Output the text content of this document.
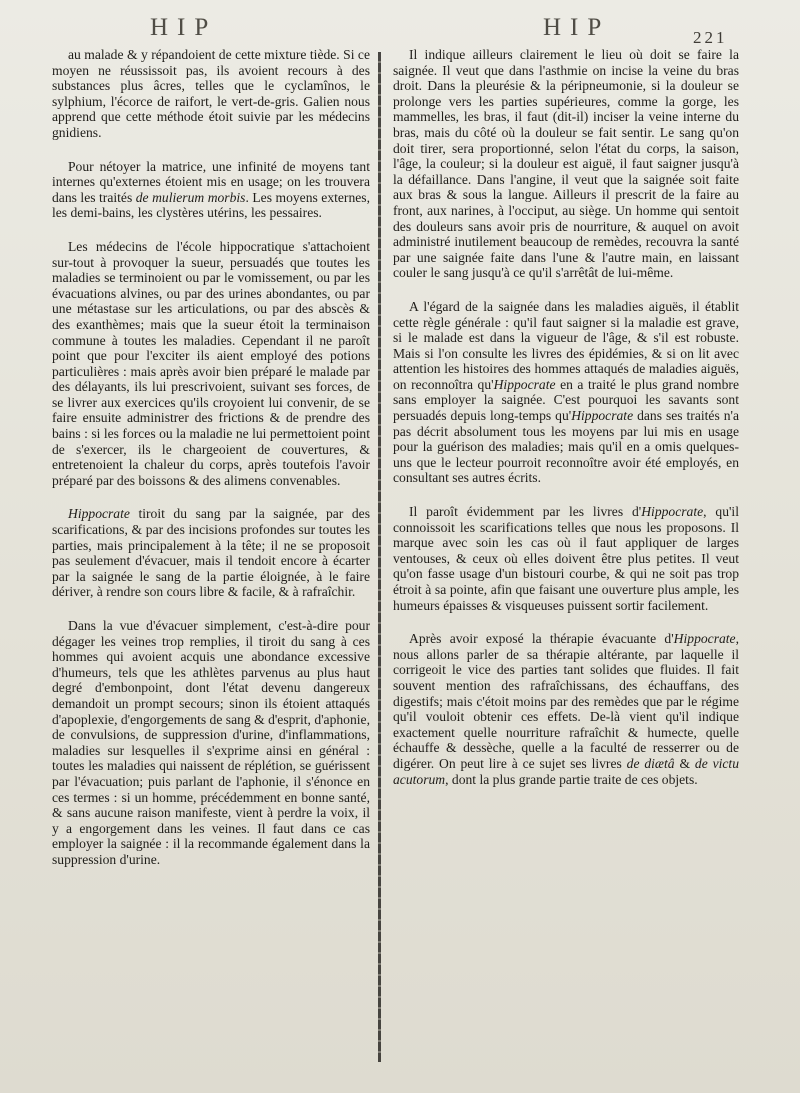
HIP	HIP	221

au malade & y répandoient de cette mixture tiède. Si ce moyen ne réussissoit pas, ils avoient recours à des substances plus âcres, telles que le cyclamînos, le sylphium, l'écorce de raifort, le vert-de-gris. Galien nous apprend que cette méthode étoit suivie par les médecins gnidiens.

Pour nétoyer la matrice, une infinité de moyens tant internes qu'externes étoient mis en usage; on les trouvera dans les traités de mulierum morbis. Les moyens externes, les demi-bains, les clystères utérins, les pessaires.

Les médecins de l'école hippocratique s'attachoient sur-tout à provoquer la sueur, persuadés que toutes les maladies se terminoient ou par le vomissement, ou par les évacuations alvines, ou par des urines abondantes, ou par une métastase sur les articulations, ou par des abscès & des exanthèmes; mais que la sueur étoit la terminaison commune à toutes les maladies. Cependant il ne paroît point que pour l'exciter ils aient employé des potions particulières : mais après avoir bien préparé le malade par des délayants, ils lui prescrivoient, suivant ses forces, de se livrer aux exercices qu'ils croyoient lui convenir, de se faire ensuite administrer des frictions & de prendre des bains : si les forces ou la maladie ne lui permettoient point de s'exercer, ils le chargeoient de couvertures, & entretenoient la chaleur du corps, après toutefois l'avoir préparé par des boissons & des alimens convenables.

Hippocrate tiroit du sang par la saignée, par des scarifications, & par des incisions profondes sur toutes les parties, mais principalement à la tête; il ne se proposoit pas seulement d'évacuer, mais il tendoit encore à écarter par la saignée le sang de la partie éloignée, à le faire dériver, à rendre son cours libre & facile, & à rafraîchir.

Dans la vue d'évacuer simplement, c'est-à-dire pour dégager les veines trop remplies, il tiroit du sang à ces hommes qui avoient acquis une abondance excessive d'humeurs, tels que les athlètes parvenus au plus haut degré d'embonpoint, dont l'état devenu dangereux demandoit un prompt secours; sinon ils étoient attaqués d'apoplexie, d'engorgements de sang & d'esprit, d'aphonie, de convulsions, de suppression d'urine, d'inflammations, maladies sur lesquelles il s'exprime ainsi en général : toutes les maladies qui naissent de réplétion, se guérissent par l'évacuation; puis parlant de l'aphonie, il s'énonce en ces termes : si un homme, précédemment en bonne santé, & sans aucune raison manifeste, vient à perdre la voix, il y a engorgement dans les veines. Il faut dans ce cas employer la saignée : il la recommande également dans la suppression d'urine.

Il indique ailleurs clairement le lieu où doit se faire la saignée. Il veut que dans l'asthmie on incise la veine du bras droit. Dans la pleurésie & la péripneumonie, si la douleur se prolonge vers les parties supérieures, comme la gorge, les mammelles, les bras, il faut (dit-il) inciser la veine interne du bras, mais du côté où la douleur se fait sentir. Le sang qu'on doit tirer, sera proportionné, selon l'état du corps, la saison, l'âge, la couleur; si la douleur est aiguë, il faut saigner jusqu'à la défaillance. Dans l'angine, il veut que la saignée soit faite aux bras & sous la langue. Ailleurs il prescrit de la faire au front, aux narines, à l'occiput, au siège. Un homme qui sentoit des douleurs sans avoir pris de nourriture, & auquel on avoit administré inutilement beaucoup de remèdes, recouvra la santé par une saignée faite dans l'une & l'autre main, en laissant couler le sang jusqu'à ce qu'il s'arrêtât de lui-même.

A l'égard de la saignée dans les maladies aiguës, il établit cette règle générale : qu'il faut saigner si la maladie est grave, si le malade est dans la vigueur de l'âge, & s'il est robuste. Mais si l'on consulte les livres des épidémies, & si on lit avec attention les histoires des hommes attaqués de maladies aiguës, on reconnoîtra qu'Hippocrate en a traité le plus grand nombre sans employer la saignée. C'est pourquoi les savants sont persuadés depuis long-temps qu'Hippocrate dans ses traités n'a pas décrit absolument tous les moyens par lui mis en usage pour la guérison des maladies; mais qu'il en a omis quelques-uns que le lecteur pourroit reconnoître avoir été employés, en consultant ses autres écrits.

Il paroît évidemment par les livres d'Hippocrate, qu'il connoissoit les scarifications telles que nous les proposons. Il marque avec soin les cas où il faut appliquer de larges ventouses, & ceux où elles doivent être plus petites. Il veut qu'on fasse usage d'un bistouri courbe, & qui ne soit pas trop étroit à sa pointe, afin que faisant une ouverture plus ample, les humeurs épaisses & visqueuses puissent sortir facilement.

Après avoir exposé la thérapie évacuante d'Hippocrate, nous allons parler de sa thérapie altérante, par laquelle il corrigeoit le vice des parties tant solides que fluides. Il fait souvent mention des rafraîchissans, des échauffans, des digestifs; mais c'étoit moins par des remèdes que par le régime qu'il vouloit obtenir ces effets. De-là vient qu'il indique exactement quelle nourriture rafraîchit & humecte, quelle échauffe & dessèche, quelle a la faculté de resserrer ou de digérer. On peut lire à ce sujet ses livres de diætâ & de victu acutorum, dont la plus grande partie traite de ces objets.
